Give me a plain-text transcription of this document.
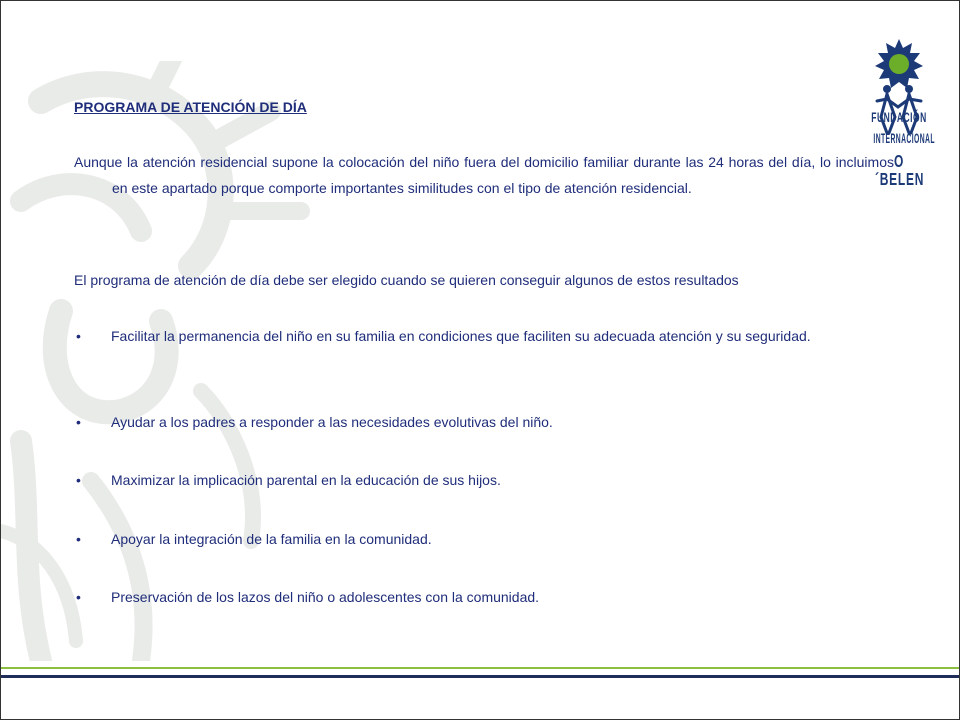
FUNDACIÓN
INTERNACIONAL
O´BELEN
PROGRAMA DE ATENCIÓN DE DÍA

Aunque la atención residencial supone la colocación del niño fuera del domicilio familiar durante las 24 horas del día, lo incluimos en este apartado porque comporte importantes similitudes con el tipo de atención residencial.

El programa de atención de día debe ser elegido cuando se quieren conseguir algunos de estos resultados

• Facilitar la permanencia del niño en su familia en condiciones que faciliten su adecuada atención y su seguridad.
• Ayudar a los padres a responder a las necesidades evolutivas del niño.
• Maximizar la implicación parental en la educación de sus hijos.
• Apoyar la integración de la familia en la comunidad.
• Preservación de los lazos del niño o adolescentes con la comunidad.
